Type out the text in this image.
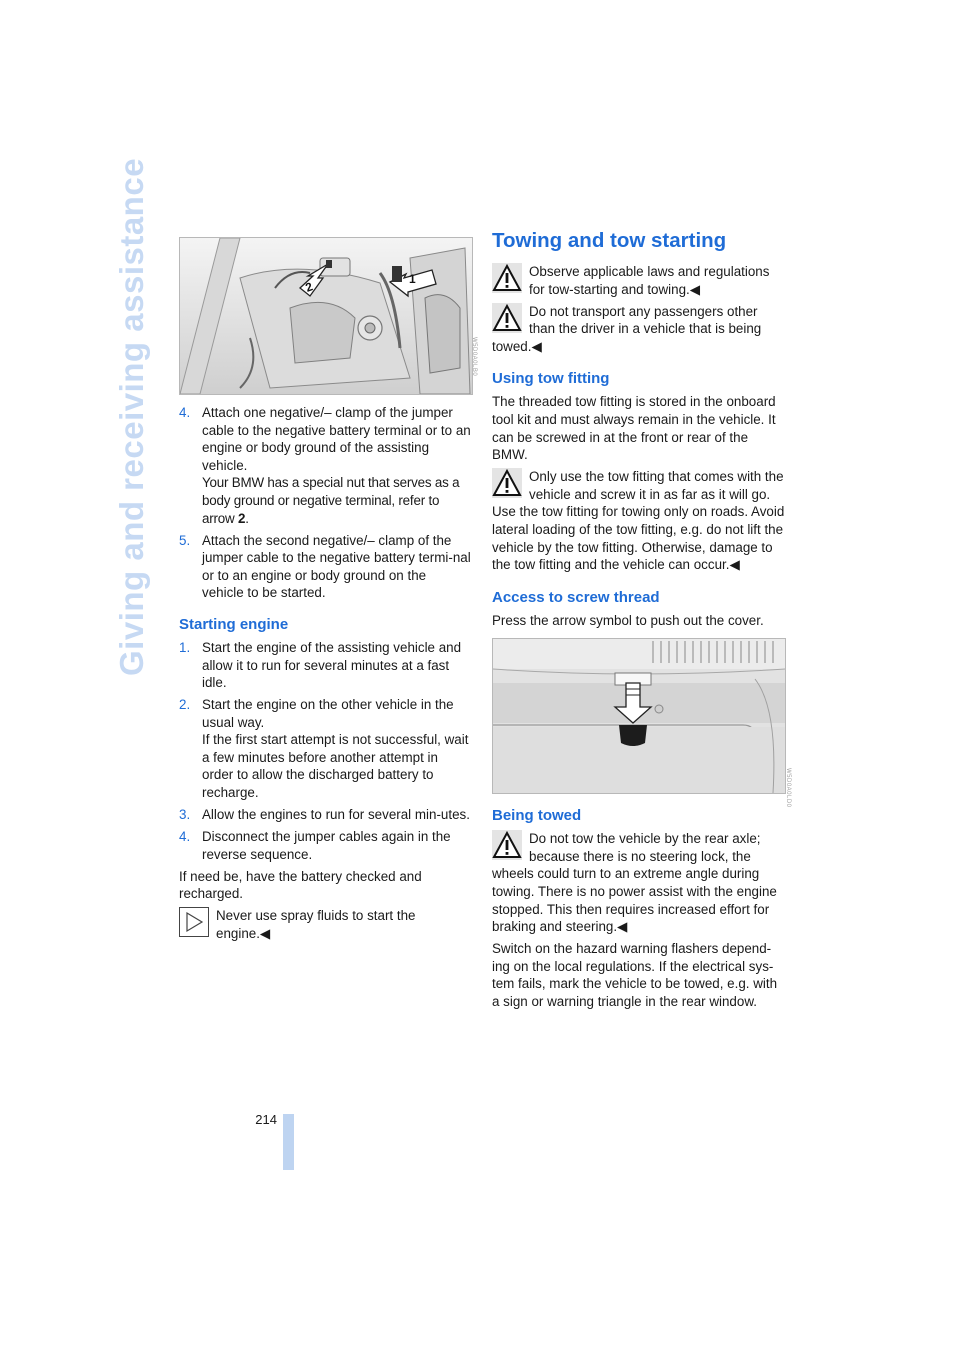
Giving and receiving assistance	2
1
W5D0A0LB0
4. Attach one negative/– clamp of the jumper cable to the negative battery terminal or to an engine or body ground of the assisting vehicle.

Your BMW has a special nut that serves as a body ground or negative terminal, refer to arrow 2.

5. Attach the second negative/– clamp of the jumper cable to the negative battery termi-nal or to an engine or body ground on the vehicle to be started.

Starting engine
1. Start the engine of the assisting vehicle and allow it to run for several minutes at a fast idle.

2. Start the engine on the other vehicle in the usual way.

If the first start attempt is not successful, wait a few minutes before another attempt in order to allow the discharged battery to recharge.

3. Allow the engines to run for several min-utes.

4. Disconnect the jumper cables again in the reverse sequence.

If need be, have the battery checked and recharged.

Never use spray fluids to start the engine.◀
Towing and tow starting
Observe applicable laws and regulations for tow-starting and towing.◀
Do not transport any passengers other than the driver in a vehicle that is being towed.◀
Using tow fitting

The threaded tow fitting is stored in the onboard tool kit and must always remain in the vehicle. It can be screwed in at the front or rear of the BMW.

Only use the tow fitting that comes with the vehicle and screw it in as far as it will go. Use the tow fitting for towing only on roads. Avoid lateral loading of the tow fitting, e.g. do not lift the vehicle by the tow fitting. Otherwise, damage to the tow fitting and the vehicle can occur.◀
Access to screw thread

Press the arrow symbol to push out the cover.

W5D0A0LD0
Being towed
Do not tow the vehicle by the rear axle; because there is no steering lock, the wheels could turn to an extreme angle during towing. There is no power assist with the engine stopped. This then requires increased effort for braking and steering.◀

Switch on the hazard warning flashers depend-ing on the local regulations. If the electrical sys-tem fails, mark the vehicle to be towed, e.g. with a sign or warning triangle in the rear window.

214
